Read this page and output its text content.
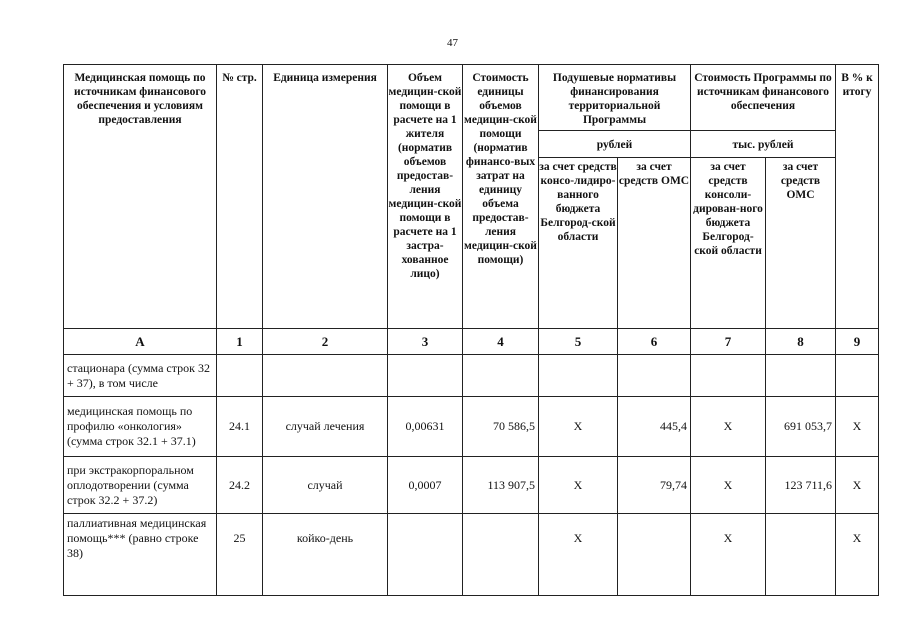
47
Медицинская помощь по источникам финансового обеспечения и условиям предоставления	№ стр.	Единица измерения	Объем медицин-ской помощи в расчете на 1 жителя (норматив объемов предостав-ления медицин-ской помощи в расчете на 1 застра-хованное лицо)	Стоимость единицы объемов медицин-ской помощи (норматив финансо-вых затрат на единицу объема предостав-ления медицин-ской помощи)	Подушевые нормативы финансирования территориальной Программы		Стоимость Программы по источникам финансового обеспечения		В % к итогу
					рублей		тыс. рублей		
					за счет средств консо-лидиро-ванного бюджета Белгород-ской области	за счет средств ОМС	за счет средств консоли-дирован-ного бюджета Белгород-ской области	за счет средств ОМС	
А	1	2	3	4	5	6	7	8	9
стационара (сумма строк 32 + 37), в том числе									
медицинская помощь по профилю «онкология» (сумма строк 32.1 + 37.1)	24.1	случай лечения	0,00631	70 586,5	X	445,4	X	691 053,7	X
при экстракорпоральном оплодотворении (сумма строк 32.2 + 37.2)	24.2	случай	0,0007	113 907,5	X	79,74	X	123 711,6	X
паллиативная медицинская помощь*** (равно строке 38)	25	койко-день			X		X		X
